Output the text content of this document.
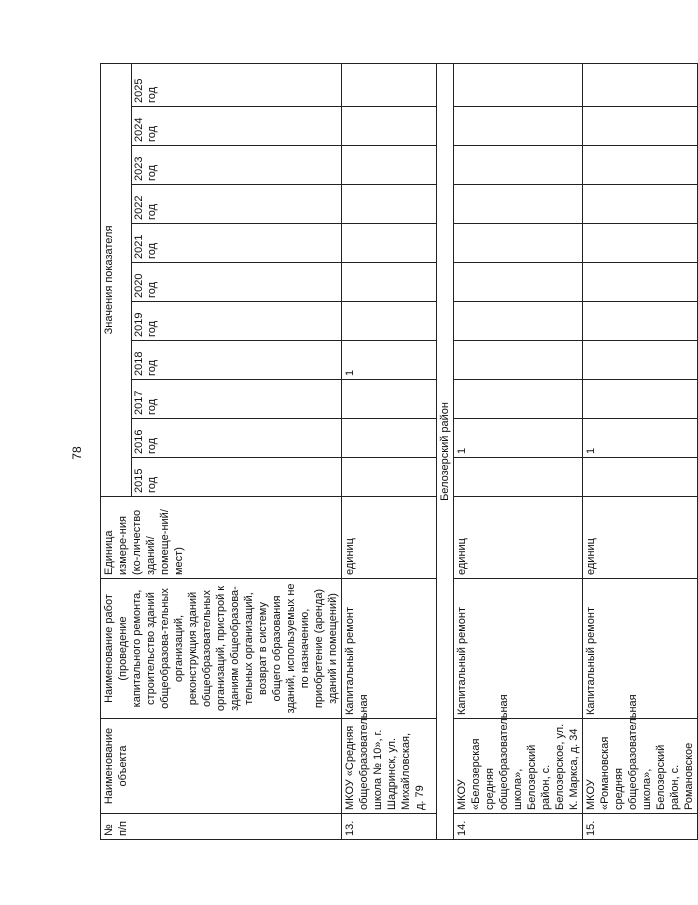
78
№ п/п	Наименование объекта	Наименование работ (проведение капитального ремонта, строительство зданий общеобразова-тельных организаций, реконструкция зданий общеобразовательных организаций, пристрой к зданиям общеобразова-тельных организаций, возврат в систему общего образования зданий, используемых не по назначению, приобретение (аренда) зданий и помещений)	Единица измере-ния (ко-личество зданий/ помеще-ний/мест)	Значения показателя										
				2015 год	2016 год	2017 год	2018 год	2019 год	2020 год	2021 год	2022 год	2023 год	2024 год	2025 год
13.	МКОУ «Средняя общеобразовательная школа № 10», г. Шадринск, ул. Михайловская, д. 79	Капитальный ремонт	единиц				1							
Белозерский район														
14.	МКОУ «Белозерская средняя общеобразовательная школа», Белозерский район, с. Белозерское, ул. К. Маркса, д. 34	Капитальный ремонт	единиц		1									
15.	МКОУ «Романовская средняя общеобразовательная школа», Белозерский район, с. Романовское	Капитальный ремонт	единиц		1									
